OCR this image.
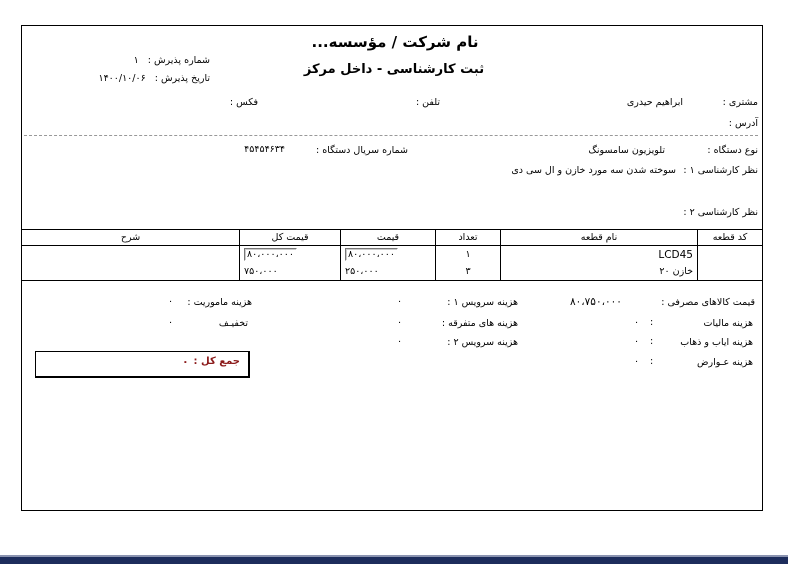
نام شرکت / مؤسسه...
ثبت کارشناسی - داخل مرکز
شماره پذیرش : ۱
تاریخ پذیرش : ۱۴۰۰/۱۰/۰۶
مشتری :
ابراهیم حیدری
تلفن :
فکس :
آدرس :
نوع دستگاه :
تلویزیون سامسونگ
شماره سریال دستگاه :
۴۵۴۵۴۶۳۴
نظر کارشناسی ۱ :
سوخته شدن سه مورد خازن و ال سی دی
نظر کارشناسی ۲ :
کد قطعه	نام قطعه	تعداد	قیمت	قیمت کل	شرح
	LCD45	۱	۸۰،۰۰۰،۰۰۰	۸۰،۰۰۰،۰۰۰	
	خازن ۲۰	۳	۲۵۰،۰۰۰	۷۵۰،۰۰۰	
قیمت کالاهای مصرفی :
۸۰،۷۵۰،۰۰۰
هزینه مالیات
:
۰
هزینه ایاب و ذهاب
:
۰
هزینه عـوارض
:
۰
هزینه سرویس ۱ :
۰
هزینه های متفرقه :
۰
هزینه سرویس ۲ :
۰
هزینه ماموریت :
۰
تخفیـف
۰
جمع کل :
۰
